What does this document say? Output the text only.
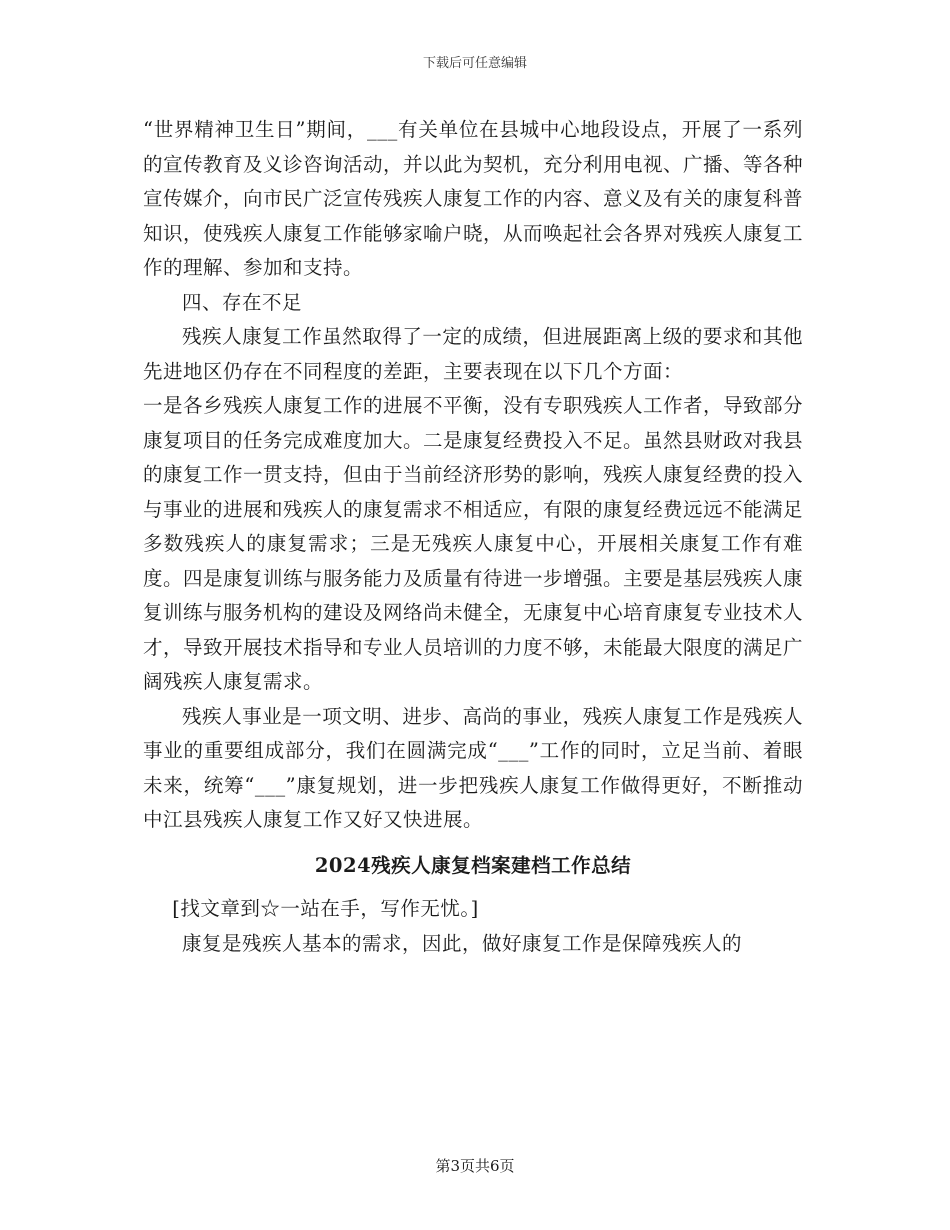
下载后可任意编辑

“世界精神卫生日”期间，___有关单位在县城中心地段设点，开展了一系列的宣传教育及义诊咨询活动，并以此为契机，充分利用电视、广播、等各种宣传媒介，向市民广泛宣传残疾人康复工作的内容、意义及有关的康复科普知识，使残疾人康复工作能够家喻户晓，从而唤起社会各界对残疾人康复工作的理解、参加和支持。

四、存在不足

残疾人康复工作虽然取得了一定的成绩，但进展距离上级的要求和其他先进地区仍存在不同程度的差距，主要表现在以下几个方面：

一是各乡残疾人康复工作的进展不平衡，没有专职残疾人工作者，导致部分康复项目的任务完成难度加大。二是康复经费投入不足。虽然县财政对我县的康复工作一贯支持，但由于当前经济形势的影响，残疾人康复经费的投入与事业的进展和残疾人的康复需求不相适应，有限的康复经费远远不能满足多数残疾人的康复需求；三是无残疾人康复中心，开展相关康复工作有难度。四是康复训练与服务能力及质量有待进一步增强。主要是基层残疾人康复训练与服务机构的建设及网络尚未健全，无康复中心培育康复专业技术人才，导致开展技术指导和专业人员培训的力度不够，未能最大限度的满足广阔残疾人康复需求。

残疾人事业是一项文明、进步、高尚的事业，残疾人康复工作是残疾人事业的重要组成部分，我们在圆满完成“___”工作的同时，立足当前、着眼未来，统筹“___”康复规划，进一步把残疾人康复工作做得更好，不断推动中江县残疾人康复工作又好又快进展。

2024残疾人康复档案建档工作总结

[找文章到☆一站在手，写作无忧。]

康复是残疾人基本的需求，因此，做好康复工作是保障残疾人的

第3页共6页
